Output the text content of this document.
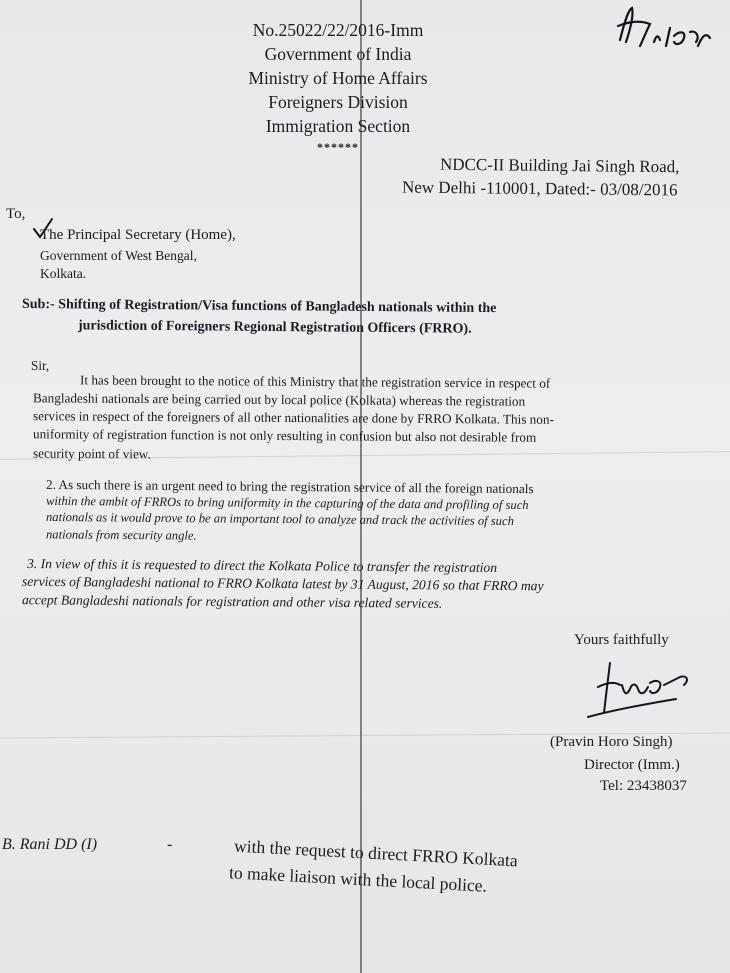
No.25022/22/2016-Imm
Government of India
Ministry of Home Affairs
Foreigners Division
Immigration Section
******
NDCC-II Building Jai Singh Road,
New Delhi -110001, Dated:- 03/08/2016
To,
The Principal Secretary (Home),
Government of West Bengal,
Kolkata.
Sub:- Shifting of Registration/Visa functions of Bangladesh nationals within the
jurisdiction of Foreigners Regional Registration Officers (FRRO).
Sir,
It has been brought to the notice of this Ministry that the registration service in respect of
Bangladeshi nationals are being carried out by local police (Kolkata) whereas the registration
services in respect of the foreigners of all other nationalities are done by FRRO Kolkata. This non-
uniformity of registration function is not only resulting in confusion but also not desirable from
security point of view.
2. As such there is an urgent need to bring the registration service of all the foreign nationals
within the ambit of FRROs to bring uniformity in the capturing of the data and profiling of such
nationals as it would prove to be an important tool to analyze and track the activities of such
nationals from security angle.
3. In view of this it is requested to direct the Kolkata Police to transfer the registration
services of Bangladeshi national to FRRO Kolkata latest by 31 August, 2016 so that FRRO may
accept Bangladeshi nationals for registration and other visa related services.
Yours faithfully
(Pravin Horo Singh)
Director (Imm.)
Tel: 23438037
B. Rani DD (I)	-	with the request to direct FRRO Kolkata
to make liaison with the local police.
